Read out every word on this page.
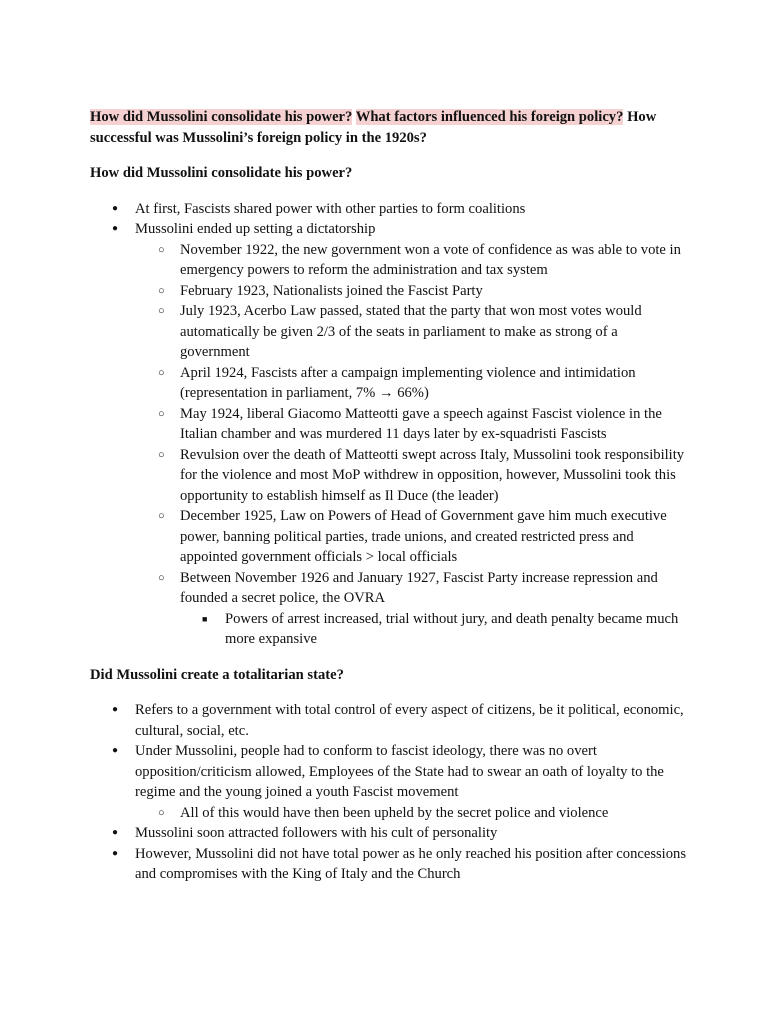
How did Mussolini consolidate his power? What factors influenced his foreign policy? How successful was Mussolini’s foreign policy in the 1920s?

How did Mussolini consolidate his power?

● At first, Fascists shared power with other parties to form coalitions
● Mussolini ended up setting a dictatorship
○ November 1922, the new government won a vote of confidence as was able to vote in emergency powers to reform the administration and tax system
○ February 1923, Nationalists joined the Fascist Party
○ July 1923, Acerbo Law passed, stated that the party that won most votes would automatically be given 2/3 of the seats in parliament to make as strong of a government
○ April 1924, Fascists after a campaign implementing violence and intimidation (representation in parliament, 7% → 66%)
○ May 1924, liberal Giacomo Matteotti gave a speech against Fascist violence in the Italian chamber and was murdered 11 days later by ex-squadristi Fascists
○ Revulsion over the death of Matteotti swept across Italy, Mussolini took responsibility for the violence and most MoP withdrew in opposition, however, Mussolini took this opportunity to establish himself as Il Duce (the leader)
○ December 1925, Law on Powers of Head of Government gave him much executive power, banning political parties, trade unions, and created restricted press and appointed government officials > local officials
○ Between November 1926 and January 1927, Fascist Party increase repression and founded a secret police, the OVRA
■ Powers of arrest increased, trial without jury, and death penalty became much more expansive

Did Mussolini create a totalitarian state?

● Refers to a government with total control of every aspect of citizens, be it political, economic, cultural, social, etc.
● Under Mussolini, people had to conform to fascist ideology, there was no overt opposition/criticism allowed, Employees of the State had to swear an oath of loyalty to the regime and the young joined a youth Fascist movement
○ All of this would have then been upheld by the secret police and violence
● Mussolini soon attracted followers with his cult of personality
● However, Mussolini did not have total power as he only reached his position after concessions and compromises with the King of Italy and the Church
